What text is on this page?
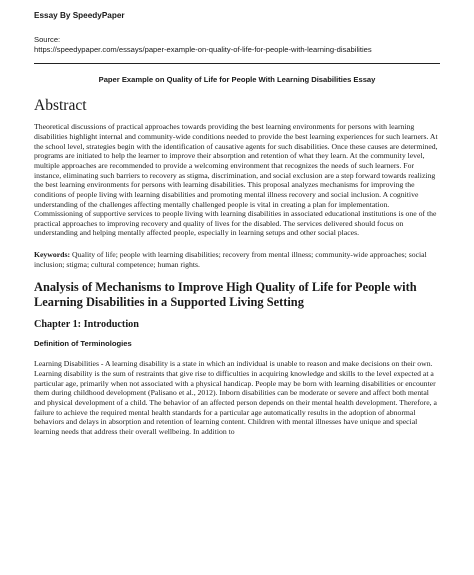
Essay By SpeedyPaper
Source:
https://speedypaper.com/essays/paper-example-on-quality-of-life-for-people-with-learning-disabilities
Paper Example on Quality of Life for People With Learning Disabilities Essay
Abstract

Theoretical discussions of practical approaches towards providing the best learning environments for persons with learning disabilities highlight internal and community-wide conditions needed to provide the best learning experiences for such learners. At the school level, strategies begin with the identification of causative agents for such disabilities. Once these causes are determined, programs are initiated to help the learner to improve their absorption and retention of what they learn. At the community level, multiple approaches are recommended to provide a welcoming environment that recognizes the needs of such learners. For instance, eliminating such barriers to recovery as stigma, discrimination, and social exclusion are a step forward towards realizing the best learning environments for persons with learning disabilities. This proposal analyzes mechanisms for improving the conditions of people living with learning disabilities and promoting mental illness recovery and social inclusion. A cognitive understanding of the challenges affecting mentally challenged people is vital in creating a plan for implementation. Commissioning of supportive services to people living with learning disabilities in associated educational institutions is one of the practical approaches to improving recovery and quality of lives for the disabled. The services delivered should focus on understanding and helping mentally affected people, especially in learning setups and other social places.

Keywords: Quality of life; people with learning disabilities; recovery from mental illness; community-wide approaches; social inclusion; stigma; cultural competence; human rights.

Analysis of Mechanisms to Improve High Quality of Life for People with Learning Disabilities in a Supported Living Setting
Chapter 1: Introduction
Definition of Terminologies

Learning Disabilities - A learning disability is a state in which an individual is unable to reason and make decisions on their own. Learning disability is the sum of restraints that give rise to difficulties in acquiring knowledge and skills to the level expected at a particular age, primarily when not associated with a physical handicap. People may be born with learning disabilities or encounter them during childhood development (Palisano et al., 2012). Inborn disabilities can be moderate or severe and affect both mental and physical development of a child. The behavior of an affected person depends on their mental health development. Therefore, a failure to achieve the required mental health standards for a particular age automatically results in the adoption of abnormal behaviors and delays in absorption and retention of learning content. Children with mental illnesses have unique and special learning needs that address their overall wellbeing. In addition to
